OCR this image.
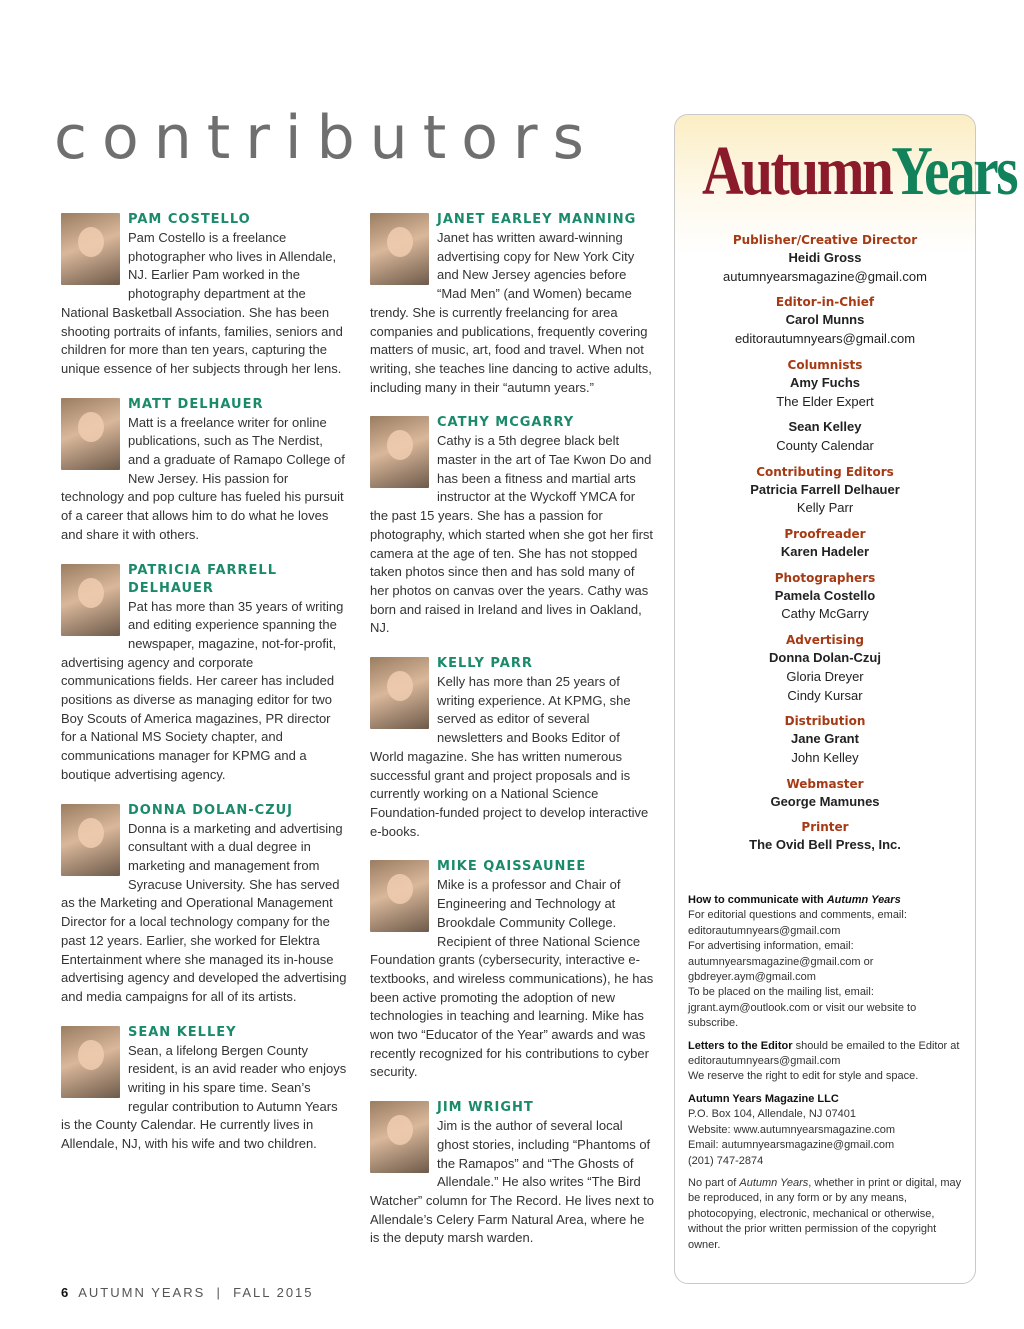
contributors
PAM COSTELLO
Pam Costello is a freelance photographer who lives in Allendale, NJ. Earlier Pam worked in the photography department at the National Basketball Association. She has been shooting portraits of infants, families, seniors and children for more than ten years, capturing the unique essence of her subjects through her lens.
MATT DELHAUER
Matt is a freelance writer for online publications, such as The Nerdist, and a graduate of Ramapo College of New Jersey. His passion for technology and pop culture has fueled his pursuit of a career that allows him to do what he loves and share it with others.
PATRICIA FARRELL DELHAUER
Pat has more than 35 years of writing and editing experience spanning the newspaper, magazine, not-for-profit, advertising agency and corporate communications fields. Her career has included positions as diverse as managing editor for two Boy Scouts of America magazines, PR director for a National MS Society chapter, and communications manager for KPMG and a boutique advertising agency.
DONNA DOLAN-CZUJ
Donna is a marketing and advertising consultant with a dual degree in marketing and management from Syracuse University. She has served as the Marketing and Operational Management Director for a local technology company for the past 12 years. Earlier, she worked for Elektra Entertainment where she managed its in-house advertising agency and developed the advertising and media campaigns for all of its artists.
SEAN KELLEY
Sean, a lifelong Bergen County resident, is an avid reader who enjoys writing in his spare time. Sean’s regular contribution to Autumn Years is the County Calendar. He currently lives in Allendale, NJ, with his wife and two children.
JANET EARLEY MANNING
Janet has written award-winning advertising copy for New York City and New Jersey agencies before “Mad Men” (and Women) became trendy. She is currently freelancing for area companies and publications, frequently covering matters of music, art, food and travel. When not writing, she teaches line dancing to active adults, including many in their “autumn years.”
CATHY MCGARRY
Cathy is a 5th degree black belt master in the art of Tae Kwon Do and has been a fitness and martial arts instructor at the Wyckoff YMCA for the past 15 years. She has a passion for photography, which started when she got her first camera at the age of ten. She has not stopped taken photos since then and has sold many of her photos on canvas over the years. Cathy was born and raised in Ireland and lives in Oakland, NJ.
KELLY PARR
Kelly has more than 25 years of writing experience. At KPMG, she served as editor of several newsletters and Books Editor of World magazine. She has written numerous successful grant and project proposals and is currently working on a National Science Foundation-funded project to develop interactive e-books.
MIKE QAISSAUNEE
Mike is a professor and Chair of Engineering and Technology at Brookdale Community College. Recipient of three National Science Foundation grants (cybersecurity, interactive e-textbooks, and wireless communications), he has been active promoting the adoption of new technologies in teaching and learning. Mike has won two “Educator of the Year” awards and was recently recognized for his contributions to cyber security.
JIM WRIGHT
Jim is the author of several local ghost stories, including “Phantoms of the Ramapos” and “The Ghosts of Allendale.” He also writes “The Bird Watcher” column for The Record. He lives next to Allendale’s Celery Farm Natural Area, where he is the deputy marsh warden.
AutumnYears
Publisher/Creative Director
Heidi Gross
autumnyearsmagazine@gmail.com
Editor-in-Chief
Carol Munns
editorautumnyears@gmail.com
Columnists
Amy Fuchs
The Elder Expert
Sean Kelley
County Calendar
Contributing Editors
Patricia Farrell Delhauer
Kelly Parr
Proofreader
Karen Hadeler
Photographers
Pamela Costello
Cathy McGarry
Advertising
Donna Dolan-Czuj
Gloria Dreyer
Cindy Kursar
Distribution
Jane Grant
John Kelley
Webmaster
George Mamunes
Printer
The Ovid Bell Press, Inc.

How to communicate with Autumn Years
For editorial questions and comments, email:
editorautumnyears@gmail.com
For advertising information, email:
autumnyearsmagazine@gmail.com or
gbdreyer.aym@gmail.com
To be placed on the mailing list, email:
jgrant.aym@outlook.com or visit our website to
subscribe.

Letters to the Editor should be emailed to the Editor at editorautumnyears@gmail.com
We reserve the right to edit for style and space.

Autumn Years Magazine LLC
P.O. Box 104, Allendale, NJ 07401
Website: www.autumnyearsmagazine.com
Email: autumnyearsmagazine@gmail.com
(201) 747-2874

No part of Autumn Years, whether in print or digital, may be reproduced, in any form or by any means, photocopying, electronic, mechanical or otherwise, without the prior written permission of the copyright owner.

6 AUTUMN YEARS  |  FALL 2015
